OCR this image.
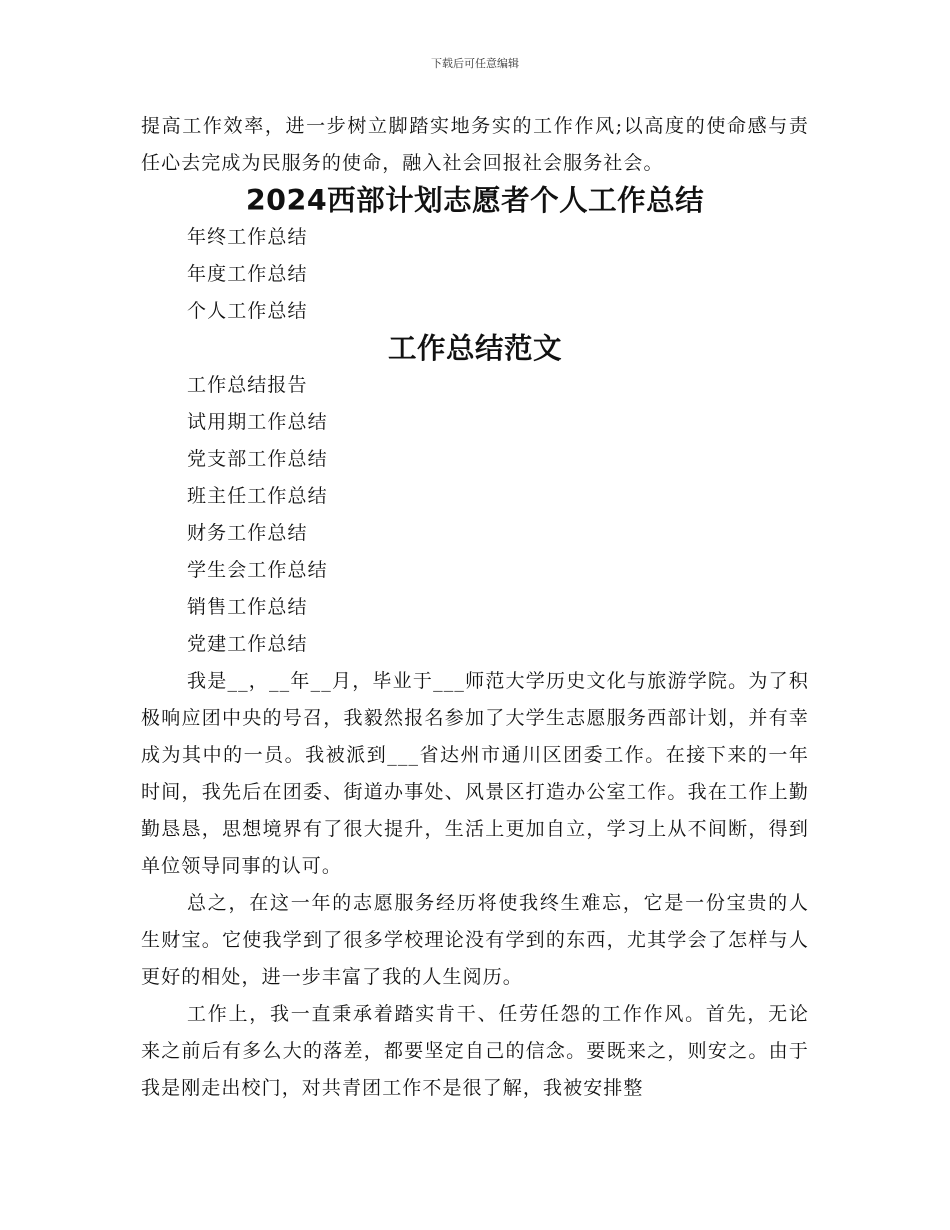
下载后可任意编辑

提高工作效率，进一步树立脚踏实地务实的工作作风;以高度的使命感与责任心去完成为民服务的使命，融入社会回报社会服务社会。

2024西部计划志愿者个人工作总结
年终工作总结
年度工作总结
个人工作总结
工作总结范文
工作总结报告
试用期工作总结
党支部工作总结
班主任工作总结
财务工作总结
学生会工作总结
销售工作总结
党建工作总结

我是__，__年__月，毕业于___师范大学历史文化与旅游学院。为了积极响应团中央的号召，我毅然报名参加了大学生志愿服务西部计划，并有幸成为其中的一员。我被派到___省达州市通川区团委工作。在接下来的一年时间，我先后在团委、街道办事处、风景区打造办公室工作。我在工作上勤勤恳恳，思想境界有了很大提升，生活上更加自立，学习上从不间断，得到单位领导同事的认可。

总之，在这一年的志愿服务经历将使我终生难忘，它是一份宝贵的人生财宝。它使我学到了很多学校理论没有学到的东西，尤其学会了怎样与人更好的相处，进一步丰富了我的人生阅历。

工作上，我一直秉承着踏实肯干、任劳任怨的工作作风。首先，无论来之前后有多么大的落差，都要坚定自己的信念。要既来之，则安之。由于我是刚走出校门，对共青团工作不是很了解，我被安排整
